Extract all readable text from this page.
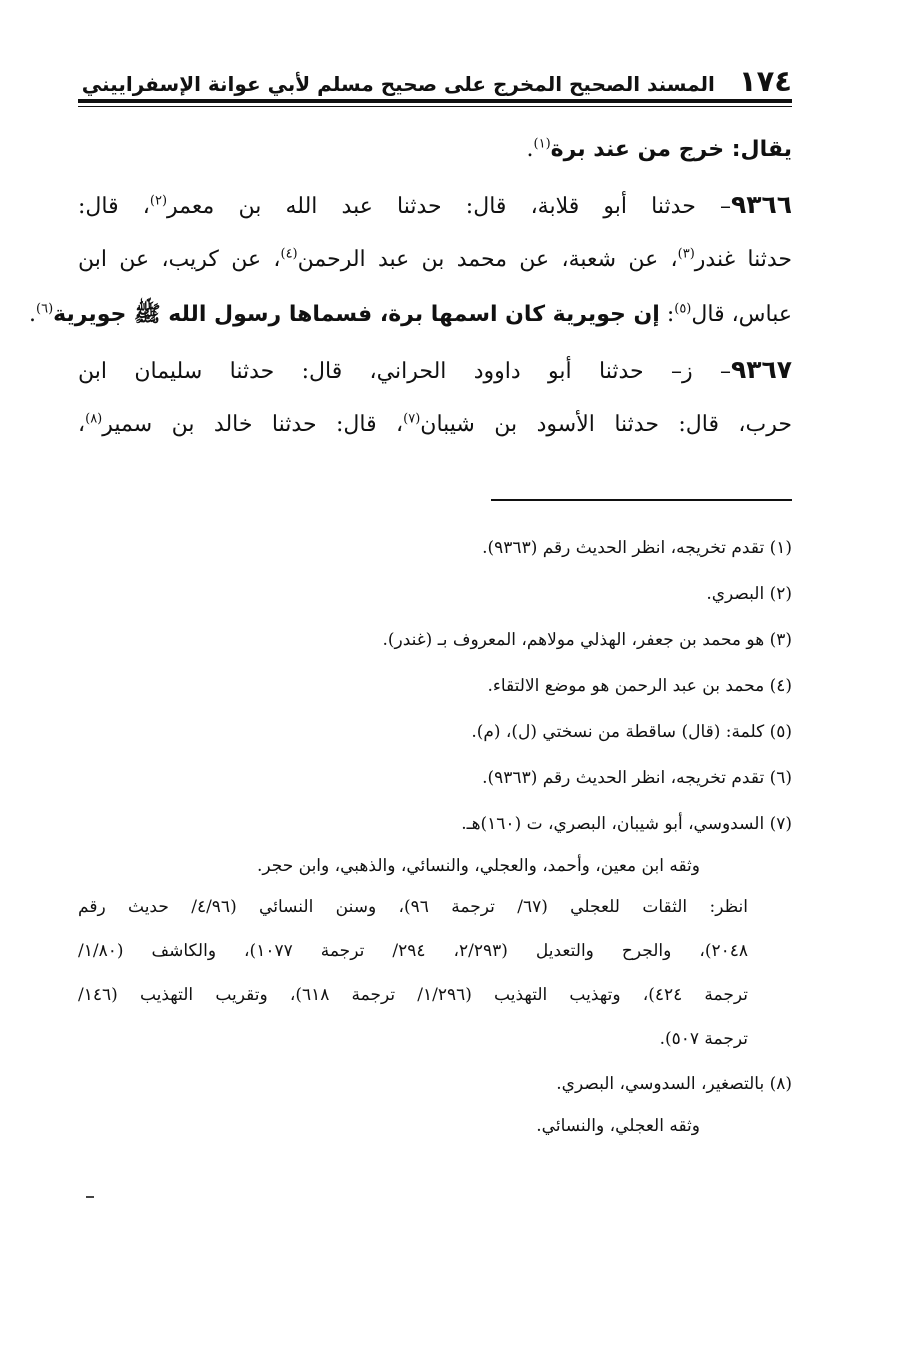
١٧٤
المسند الصحيح المخرج على صحيح مسلم لأبي عوانة الإسفراييني
يقال: خرج من عند برة$^{(١)}$.
٩٣٦٦– حدثنا أبو قلابة، قال: حدثنا عبد الله بن معمر$^{(٢)}$، قال:
حدثنا غندر$^{(٣)}$، عن شعبة، عن محمد بن عبد الرحمن$^{(٤)}$، عن كريب، عن ابن
عباس، قال$^{(٥)}$: إن جويرية كان اسمها برة، فسماها رسول الله ﷺ جويرية$^{(٦)}$.
٩٣٦٧– ز– حدثنا أبو داوود الحراني، قال: حدثنا سليمان ابن
حرب، قال: حدثنا الأسود بن شيبان$^{(٧)}$، قال: حدثنا خالد بن سمير$^{(٨)}$،
(١) تقدم تخريجه، انظر الحديث رقم (٩٣٦٣).
(٢) البصري.
(٣) هو محمد بن جعفر، الهذلي مولاهم، المعروف بـ (غندر).
(٤) محمد بن عبد الرحمن هو موضع الالتقاء.
(٥) كلمة: (قال) ساقطة من نسختي (ل)، (م).
(٦) تقدم تخريجه، انظر الحديث رقم (٩٣٦٣).
(٧) السدوسي، أبو شيبان، البصري، ت (١٦٠)هـ.
وثقه ابن معين، وأحمد، والعجلي، والنسائي، والذهبي، وابن حجر.
انظر: الثقات للعجلي (٦٧/ ترجمة ٩٦)، وسنن النسائي (٤/٩٦/ حديث رقم
٢٠٤٨)، والجرح والتعديل (٢/٢٩٣، ٢٩٤/ ترجمة ١٠٧٧)، والكاشف (١/٨٠/
ترجمة ٤٢٤)، وتهذيب التهذيب (١/٢٩٦/ ترجمة ٦١٨)، وتقريب التهذيب (١٤٦/
ترجمة ٥٠٧).
(٨) بالتصغير، السدوسي، البصري.
وثقه العجلي، والنسائي.
